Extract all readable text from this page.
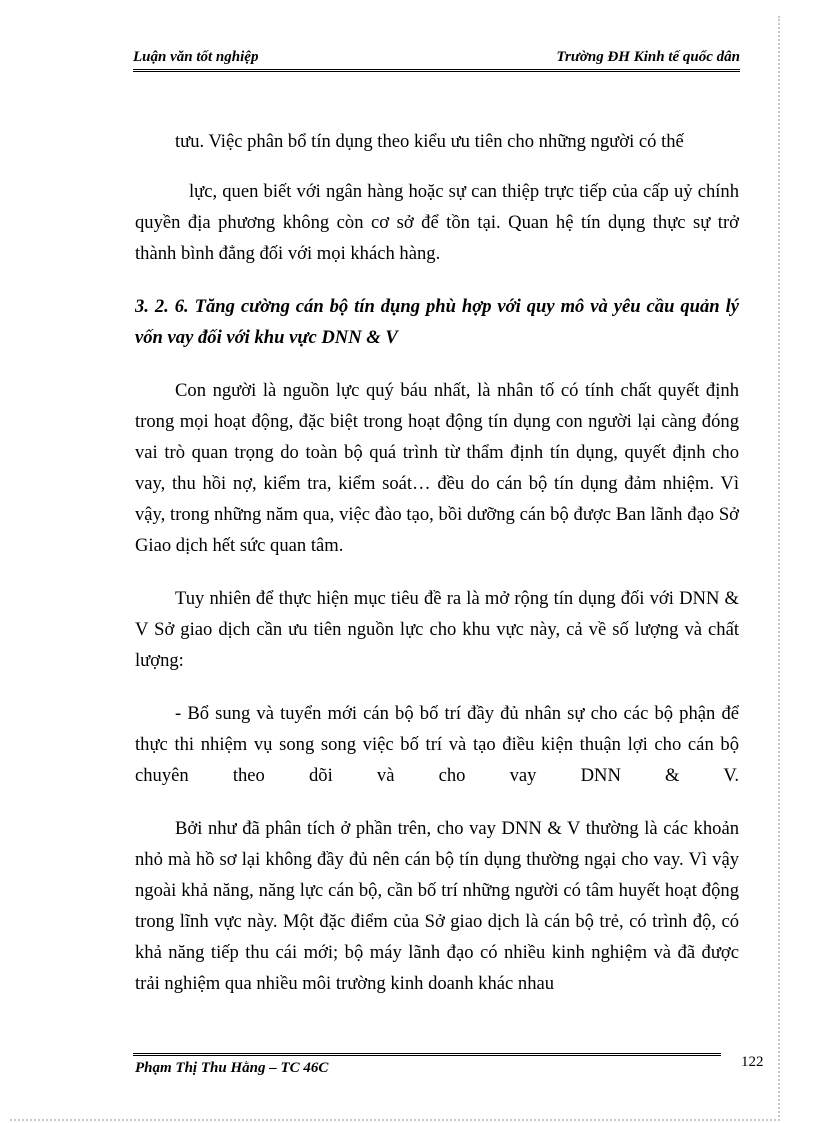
Luận văn tốt nghiệp	Trường ĐH Kinh tế quốc dân

tưu. Việc phân bổ tín dụng theo kiểu ưu tiên cho những người có thế

lực, quen biết với ngân hàng hoặc sự can thiệp trực tiếp của cấp uỷ chính quyền địa phương không còn cơ sở để tồn tại. Quan hệ tín dụng thực sự trở thành bình đẳng đối với mọi khách hàng.

3. 2. 6. Tăng cường cán bộ tín dụng phù hợp với quy mô và yêu cầu quản lý vốn vay đối với khu vực DNN & V

Con người là nguồn lực quý báu nhất, là nhân tố có tính chất quyết định trong mọi hoạt động, đặc biệt trong hoạt động tín dụng con người lại càng đóng vai trò quan trọng do toàn bộ quá trình từ thẩm định tín dụng, quyết định cho vay, thu hồi nợ, kiểm tra, kiểm soát… đều do cán bộ tín dụng đảm nhiệm. Vì vậy, trong những năm qua, việc đào tạo, bồi dưỡng cán bộ được Ban lãnh đạo Sở Giao dịch hết sức quan tâm.

Tuy nhiên để thực hiện mục tiêu đề ra là mở rộng tín dụng đối với DNN & V Sở giao dịch cần ưu tiên nguồn lực cho khu vực này, cả về số lượng và chất lượng:

- Bổ sung và tuyển mới cán bộ bố trí đầy đủ nhân sự cho các bộ phận để thực thi nhiệm vụ song song việc bố trí và tạo điều kiện thuận lợi cho cán bộ chuyên theo dõi và cho vay DNN & V.

Bởi như đã phân tích ở phần trên, cho vay DNN & V thường là các khoản nhỏ mà hồ sơ lại không đầy đủ nên cán bộ tín dụng thường ngại cho vay. Vì vậy ngoài khả năng, năng lực cán bộ, cần bố trí những người có tâm huyết hoạt động trong lĩnh vực này. Một đặc điểm của Sở giao dịch là cán bộ trẻ, có trình độ, có khả năng tiếp thu cái mới; bộ máy lãnh đạo có nhiều kinh nghiệm và đã được trải nghiệm qua nhiều môi trường kinh doanh khác nhau

Phạm Thị Thu Hằng – TC 46C	122
